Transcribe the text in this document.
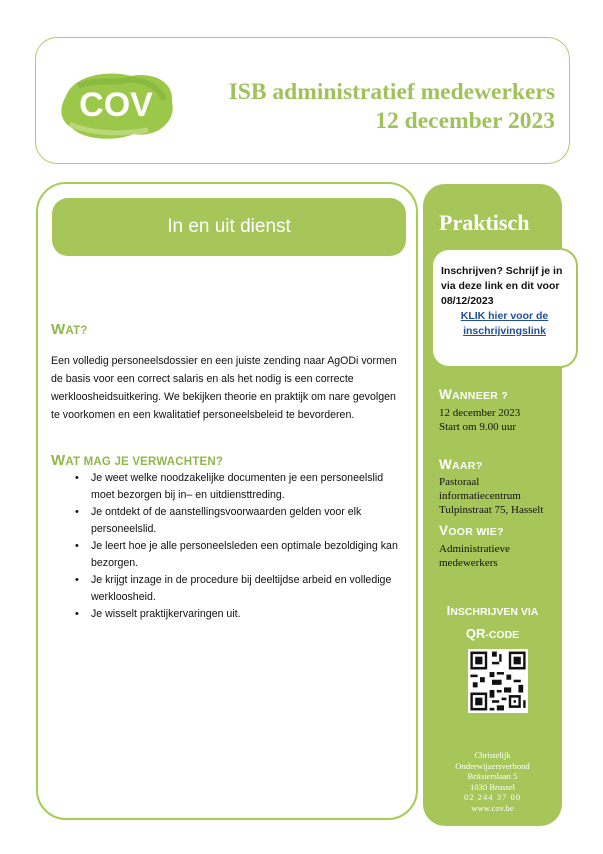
COV	ISB administratief medewerkers
12 december 2023
In en uit dienst
WAT?
Een volledig personeelsdossier en een juiste zending naar AgODi vormen de basis voor een correct salaris en als het nodig is een correcte werkloosheidsuitkering. We bekijken theorie en praktijk om nare gevolgen te voorkomen en een kwalitatief personeelsbeleid te bevorderen.
WAT MAG JE VERWACHTEN?
• Je weet welke noodzakelijke documenten je een personeelslid moet bezorgen bij in– en uitdiensttreding.
• Je ontdekt of de aanstellingsvoorwaarden gelden voor elk personeelslid.
• Je leert hoe je alle personeelsleden een optimale bezoldiging kan bezorgen.
• Je krijgt inzage in de procedure bij deeltijdse arbeid en volledige werkloosheid.
• Je wisselt praktijkervaringen uit.
Praktisch
WANNEER ?
12 december 2023
Start om 9.00 uur
WAAR?
Pastoraal informatiecentrum
Tulpinstraat 75, Hasselt
VOOR WIE?
Administratieve medewerkers
INSCHRIJVEN VIA
QR-CODE
Christelijk
Onderwijzersverbond
Britsierslaan 5
1030 Brussel
02 244 37 00
www.cov.be
Inschrijven? Schrijf je in via deze link en dit voor 08/12/2023
KLIK hier voor de inschrijvingslink
